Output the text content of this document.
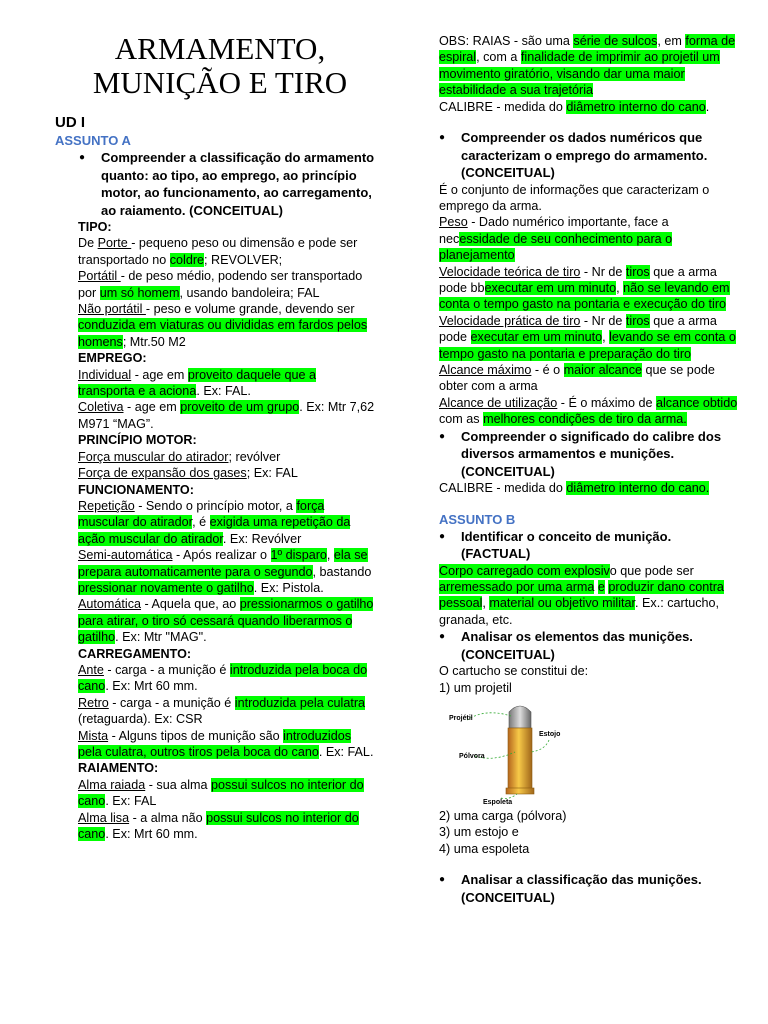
ARMAMENTO,
MUNIÇÃO E TIRO

UD I

ASSUNTO A

● Compreender a classificação do armamento quanto: ao tipo, ao emprego, ao princípio motor, ao funcionamento, ao carregamento, ao raiamento. (CONCEITUAL)

TIPO:

De Porte - pequeno peso ou dimensão e pode ser transportado no coldre; REVOLVER;

Portátil - de peso médio, podendo ser transportado por um só homem, usando bandoleira; FAL

Não portátil - peso e volume grande, devendo ser conduzida em viaturas ou divididas em fardos pelos homens; Mtr.50 M2

EMPREGO:

Individual - age em proveito daquele que a transporta e a aciona. Ex: FAL.

Coletiva - age em proveito de um grupo. Ex: Mtr 7,62 M971 “MAG”.

PRINCÍPIO MOTOR:

Força muscular do atirador; revólver

Força de expansão dos gases; Ex: FAL

FUNCIONAMENTO:

Repetição - Sendo o princípio motor, a força muscular do atirador, é exigida uma repetição da ação muscular do atirador. Ex: Revólver

Semi-automática - Após realizar o 1º disparo, ela se prepara automaticamente para o segundo, bastando pressionar novamente o gatilho. Ex: Pistola.

Automática - Aquela que, ao pressionarmos o gatilho para atirar, o tiro só cessará quando liberarmos o gatilho. Ex: Mtr "MAG".

CARREGAMENTO:

Ante - carga - a munição é introduzida pela boca do cano. Ex: Mrt 60 mm.

Retro - carga - a munição é introduzida pela culatra (retaguarda). Ex: CSR

Mista - Alguns tipos de munição são introduzidos pela culatra, outros tiros pela boca do cano. Ex: FAL.

RAIAMENTO:

Alma raiada - sua alma possui sulcos no interior do cano. Ex: FAL

Alma lisa - a alma não possui sulcos no interior do cano. Ex: Mrt 60 mm.

OBS: RAIAS - são uma série de sulcos, em forma de espiral, com a finalidade de imprimir ao projetil um movimento giratório, visando dar uma maior estabilidade a sua trajetória

CALIBRE - medida do diâmetro interno do cano.

● Compreender os dados numéricos que caracterizam o emprego do armamento. (CONCEITUAL)

É o conjunto de informações que caracterizam o emprego da arma.

Peso - Dado numérico importante, face a necessidade de seu conhecimento para o planejamento

Velocidade teórica de tiro - Nr de tiros que a arma pode bbexecutar em um minuto, não se levando em conta o tempo gasto na pontaria e execução do tiro

Velocidade prática de tiro - Nr de tiros que a arma pode executar em um minuto, levando se em conta o tempo gasto na pontaria e preparação do tiro

Alcance máximo - é o maior alcance que se pode obter com a arma

Alcance de utilização - É o máximo de alcance obtido com as melhores condições de tiro da arma.

● Compreender o significado do calibre dos diversos armamentos e munições. (CONCEITUAL)

CALIBRE - medida do diâmetro interno do cano.

ASSUNTO B

● Identificar o conceito de munição. (FACTUAL)

Corpo carregado com explosivo que pode ser arremessado por uma arma e produzir dano contra pessoal, material ou objetivo militar. Ex.: cartucho, granada, etc.

● Analisar os elementos das munições. (CONCEITUAL)

O cartucho se constitui de:

1) um projetil

Projétil
Pólvora
Estojo
Espoleta

2) uma carga (pólvora)

3) um estojo e

4) uma espoleta

● Analisar a classificação das munições. (CONCEITUAL)
